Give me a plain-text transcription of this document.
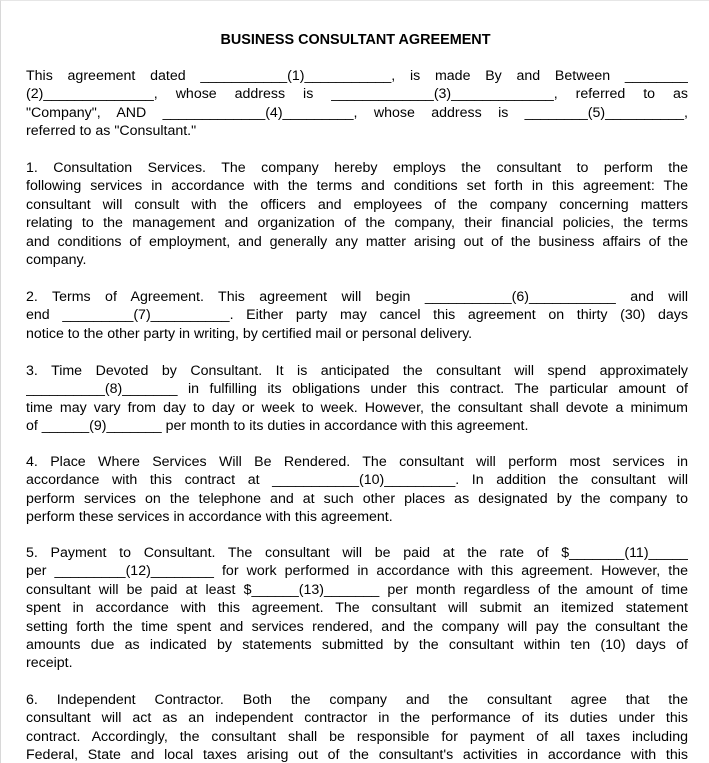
BUSINESS CONSULTANT AGREEMENT
This agreement dated ___________(1)___________, is made By and Between ________
(2)______________, whose address is _____________(3)_____________, referred to as
"Company", AND _____________(4)_________, whose address is ________(5)__________,
referred to as "Consultant."
1. Consultation Services. The company hereby employs the consultant to perform the
following services in accordance with the terms and conditions set forth in this agreement: The
consultant will consult with the officers and employees of the company concerning matters
relating to the management and organization of the company, their financial policies, the terms
and conditions of employment, and generally any matter arising out of the business affairs of the
company.
2. Terms of Agreement. This agreement will begin ___________(6)___________ and will
end _________(7)__________. Either party may cancel this agreement on thirty (30) days
notice to the other party in writing, by certified mail or personal delivery.
3. Time Devoted by Consultant. It is anticipated the consultant will spend approximately
__________(8)_______ in fulfilling its obligations under this contract. The particular amount of
time may vary from day to day or week to week. However, the consultant shall devote a minimum
of ______(9)_______ per month to its duties in accordance with this agreement.
4. Place Where Services Will Be Rendered. The consultant will perform most services in
accordance with this contract at ___________(10)_________. In addition the consultant will
perform services on the telephone and at such other places as designated by the company to
perform these services in accordance with this agreement.
5. Payment to Consultant. The consultant will be paid at the rate of $_______(11)_____
per _________(12)________ for work performed in accordance with this agreement. However, the
consultant will be paid at least $______(13)_______ per month regardless of the amount of time
spent in accordance with this agreement. The consultant will submit an itemized statement
setting forth the time spent and services rendered, and the company will pay the consultant the
amounts due as indicated by statements submitted by the consultant within ten (10) days of
receipt.
6. Independent Contractor. Both the company and the consultant agree that the
consultant will act as an independent contractor in the performance of its duties under this
contract. Accordingly, the consultant shall be responsible for payment of all taxes including
Federal, State and local taxes arising out of the consultant's activities in accordance with this
